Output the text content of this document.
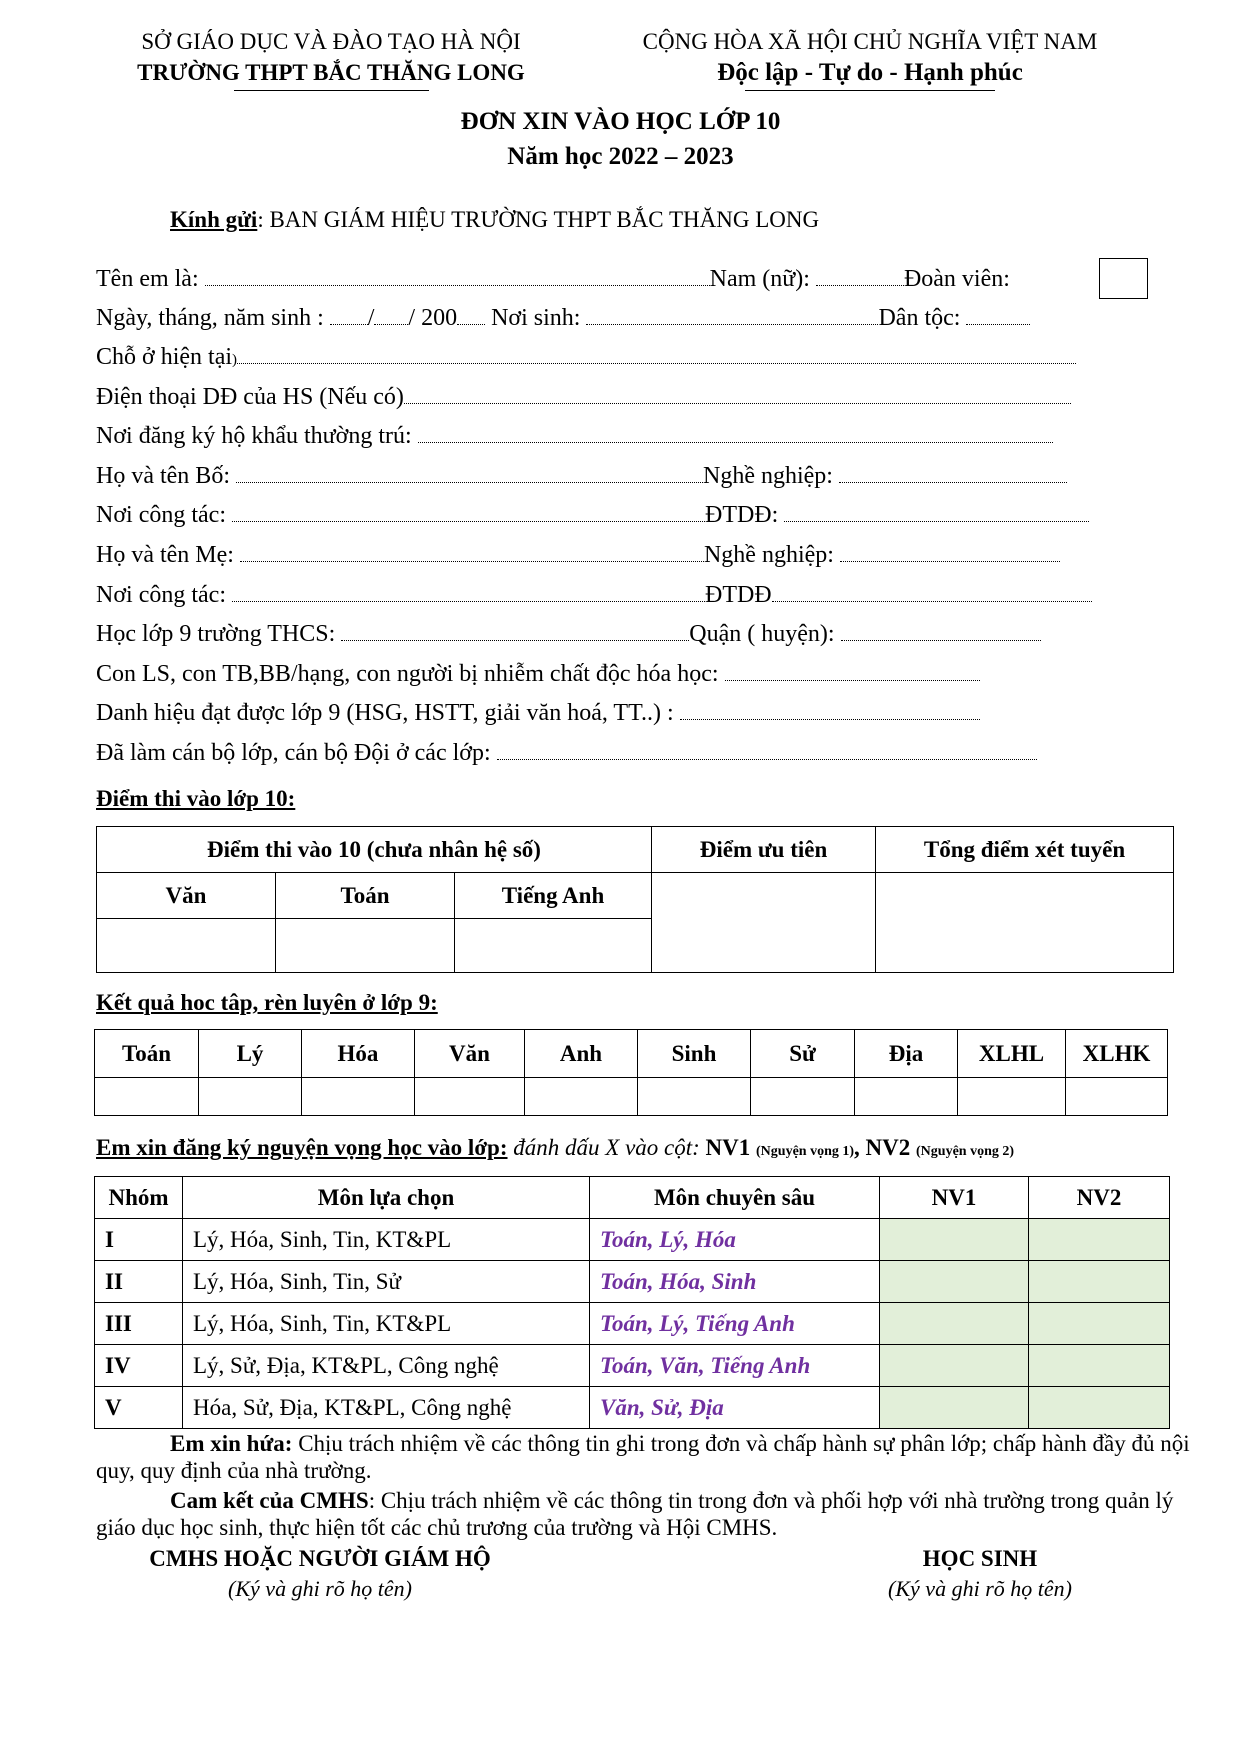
SỞ GIÁO DỤC VÀ ĐÀO TẠO HÀ NỘI
TRƯỜNG THPT BẮC THĂNG LONG
CỘNG HÒA XÃ HỘI CHỦ NGHĨA VIỆT NAM
Độc lập - Tự do - Hạnh phúc
ĐƠN XIN VÀO HỌC LỚP 10
Năm học 2022 – 2023
Kính gửi: BAN GIÁM HIỆU TRƯỜNG THPT BẮC THĂNG LONG
Tên em là:	Nam (nữ):	Đoàn viên:
Ngày, tháng, năm sinh : / / 200 Nơi sinh:	Dân tộc:
Chỗ ở hiện tại)
Điện thoại DĐ của HS (Nếu có)
Nơi đăng ký hộ khẩu thường trú:
Họ và tên Bố:	Nghề nghiệp:
Nơi công tác:	ĐTDĐ:
Họ và tên Mẹ:	Nghề nghiệp:
Nơi công tác:	ĐTDĐ
Học lớp 9 trường THCS:	Quận ( huyện):
Con LS, con TB,BB/hạng, con người bị nhiễm chất độc hóa học:
Danh hiệu đạt được lớp 9 (HSG, HSTT, giải văn hoá, TT..) :
Đã làm cán bộ lớp, cán bộ Đội ở các lớp:
Điểm thi vào lớp 10:
Điểm thi vào 10 (chưa nhân hệ số)			Điểm ưu tiên	Tổng điểm xét tuyển
Văn	Toán	Tiếng Anh		

Kết quả hoc tâp, rèn luyên ở lớp 9:
Toán	Lý	Hóa	Văn	Anh	Sinh	Sử	Địa	XLHL	XLHK

Em xin đăng ký nguyện vọng học vào lớp: đánh dấu X vào cột: NV1 (Nguyện vọng 1), NV2 (Nguyện vọng 2)
Nhóm	Môn lựa chọn	Môn chuyên sâu	NV1	NV2
I	Lý, Hóa, Sinh, Tin, KT&PL	Toán, Lý, Hóa		
II	Lý, Hóa, Sinh, Tin, Sử	Toán, Hóa, Sinh		
III	Lý, Hóa, Sinh, Tin, KT&PL	Toán, Lý, Tiếng Anh		
IV	Lý, Sử, Địa, KT&PL, Công nghệ	Toán, Văn, Tiếng Anh		
V	Hóa, Sử, Địa, KT&PL, Công nghệ	Văn, Sử, Địa		
Em xin hứa: Chịu trách nhiệm về các thông tin ghi trong đơn và chấp hành sự phân lớp; chấp hành đầy đủ nội quy, quy định của nhà trường.
Cam kết của CMHS: Chịu trách nhiệm về các thông tin trong đơn và phối hợp với nhà trường trong quản lý giáo dục học sinh, thực hiện tốt các chủ trương của trường và Hội CMHS.
CMHS HOẶC NGƯỜI GIÁM HỘ
(Ký và ghi rõ họ tên)
HỌC SINH
(Ký và ghi rõ họ tên)
